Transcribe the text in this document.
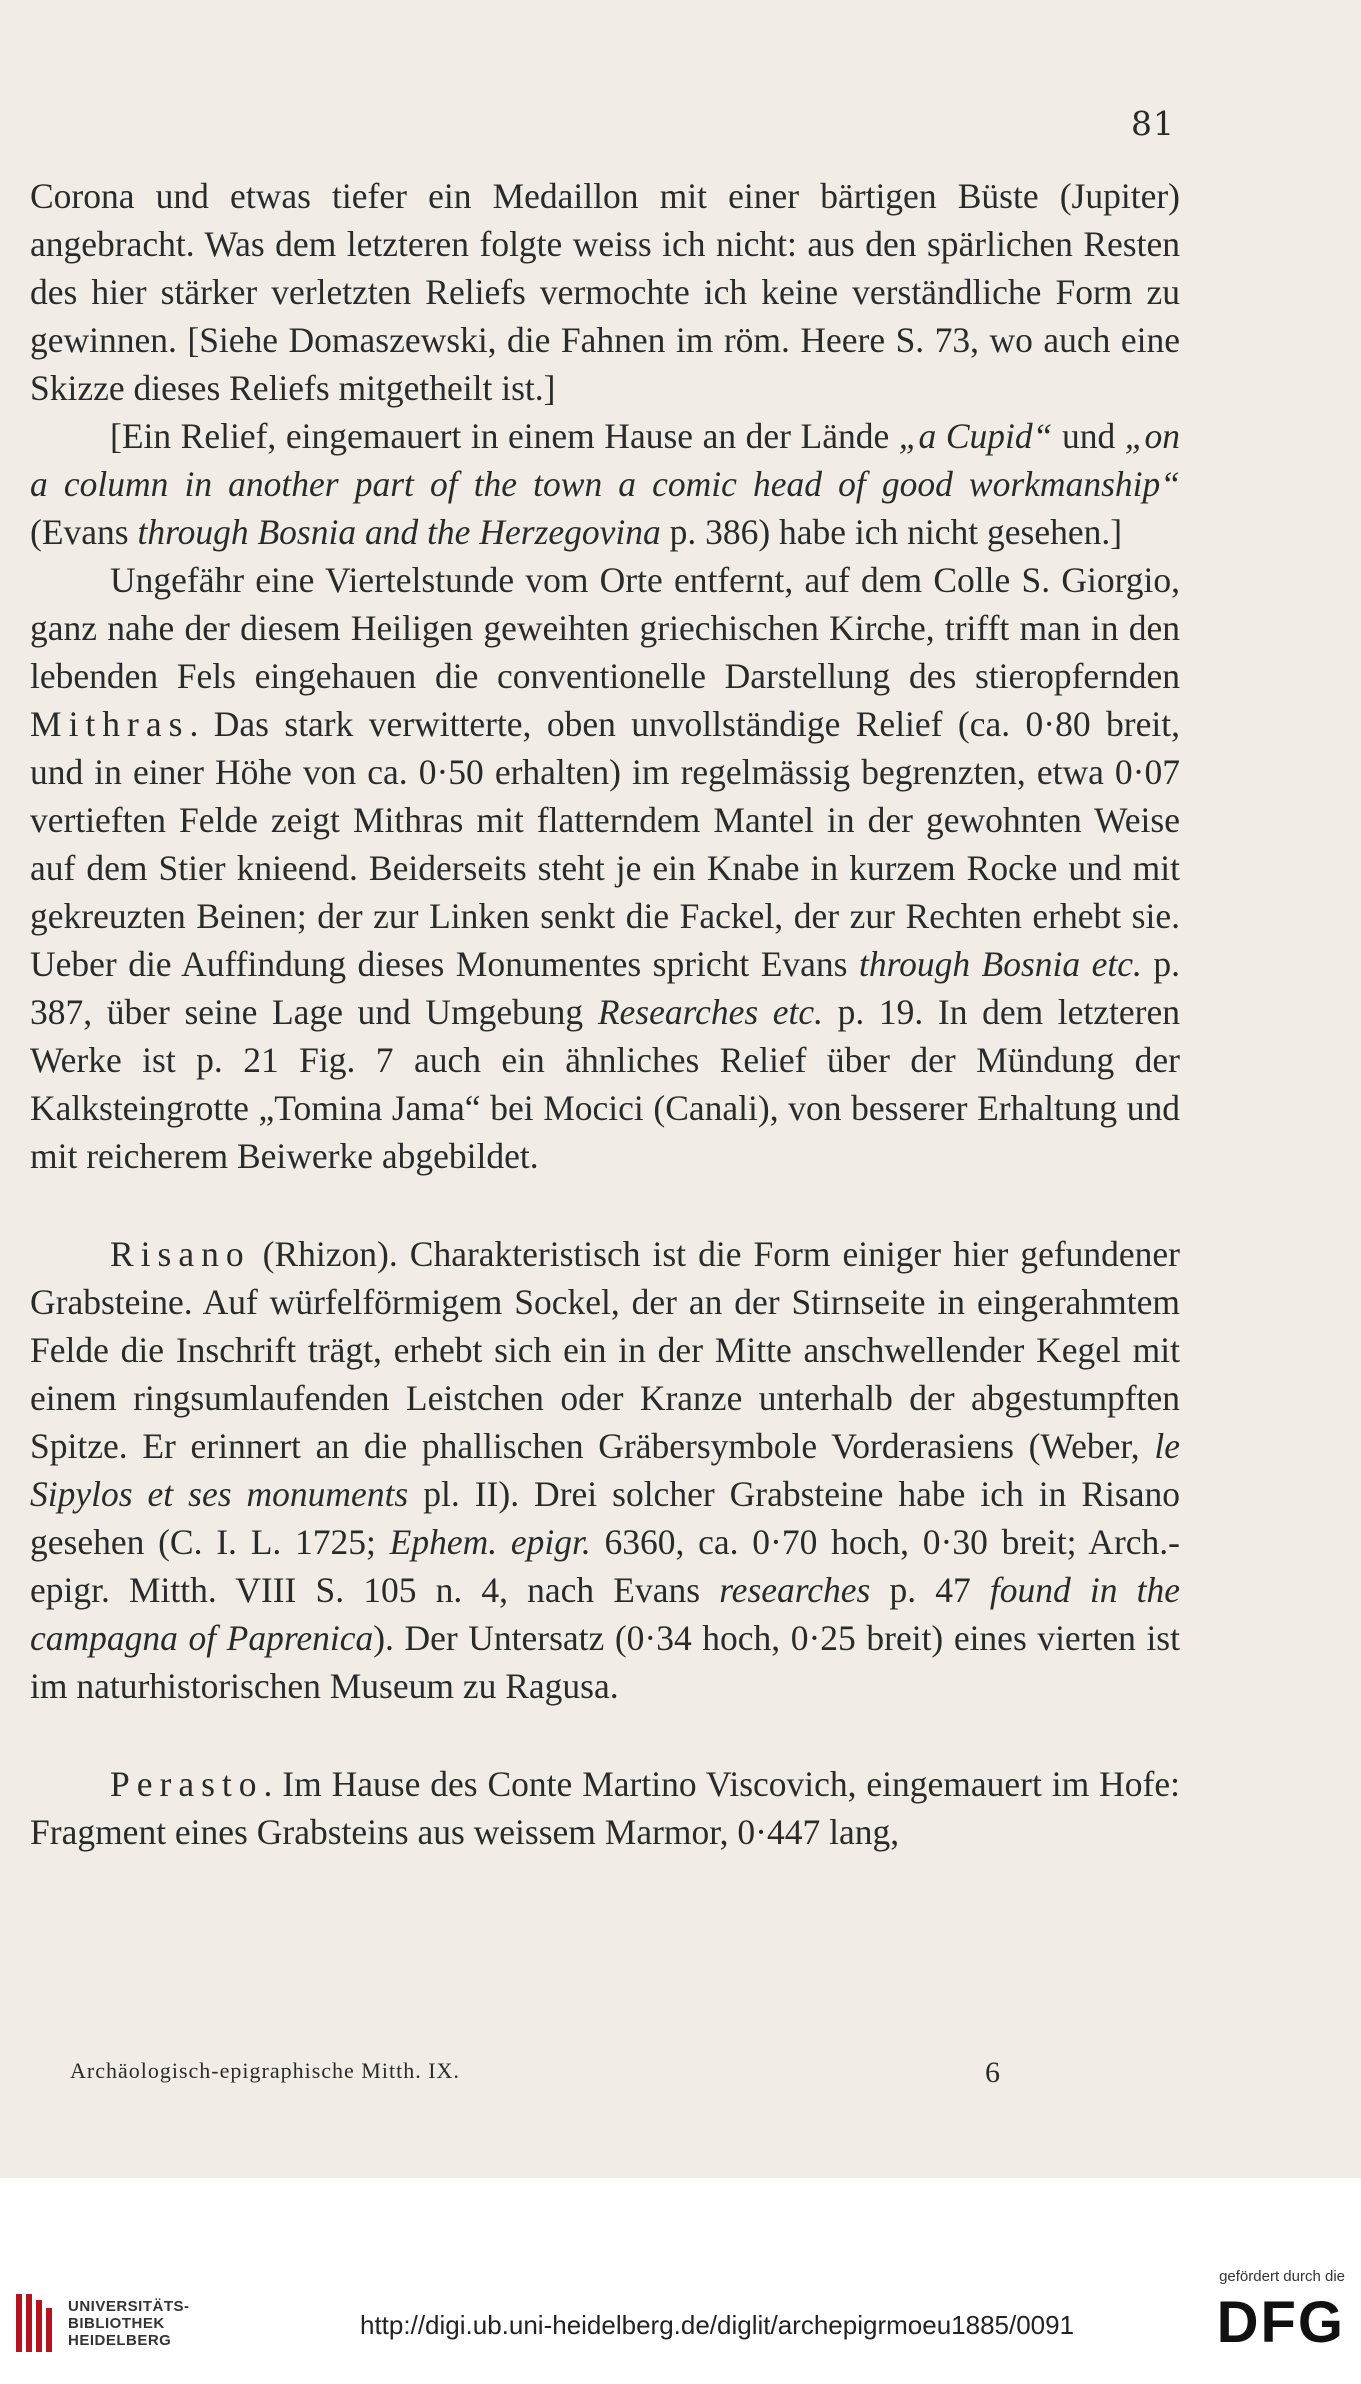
81

Corona und etwas tiefer ein Medaillon mit einer bärtigen Büste (Jupiter) angebracht. Was dem letzteren folgte weiss ich nicht: aus den spärlichen Resten des hier stärker verletzten Reliefs vermochte ich keine verständliche Form zu gewinnen. [Siehe Domaszewski, die Fahnen im röm. Heere S. 73, wo auch eine Skizze dieses Reliefs mitgetheilt ist.]

[Ein Relief, eingemauert in einem Hause an der Lände „a Cupid“ und „on a column in another part of the town a comic head of good workmanship“ (Evans through Bosnia and the Herzegovina p. 386) habe ich nicht gesehen.]

Ungefähr eine Viertelstunde vom Orte entfernt, auf dem Colle S. Giorgio, ganz nahe der diesem Heiligen geweihten griechischen Kirche, trifft man in den lebenden Fels eingehauen die conventionelle Darstellung des stieropfernden Mithras. Das stark verwitterte, oben unvollständige Relief (ca. 0·80 breit, und in einer Höhe von ca. 0·50 erhalten) im regelmässig begrenzten, etwa 0·07 vertieften Felde zeigt Mithras mit flatterndem Mantel in der gewohnten Weise auf dem Stier knieend. Beiderseits steht je ein Knabe in kurzem Rocke und mit gekreuzten Beinen; der zur Linken senkt die Fackel, der zur Rechten erhebt sie. Ueber die Auffindung dieses Monumentes spricht Evans through Bosnia etc. p. 387, über seine Lage und Umgebung Researches etc. p. 19. In dem letzteren Werke ist p. 21 Fig. 7 auch ein ähnliches Relief über der Mündung der Kalksteingrotte „Tomina Jama“ bei Mocici (Canali), von besserer Erhaltung und mit reicherem Beiwerke abgebildet.

Risano (Rhizon). Charakteristisch ist die Form einiger hier gefundener Grabsteine. Auf würfelförmigem Sockel, der an der Stirnseite in eingerahmtem Felde die Inschrift trägt, erhebt sich ein in der Mitte anschwellender Kegel mit einem ringsumlaufenden Leistchen oder Kranze unterhalb der abgestumpften Spitze. Er erinnert an die phallischen Gräbersymbole Vorderasiens (Weber, le Sipylos et ses monuments pl. II). Drei solcher Grabsteine habe ich in Risano gesehen (C. I. L. 1725; Ephem. epigr. 6360, ca. 0·70 hoch, 0·30 breit; Arch.-epigr. Mitth. VIII S. 105 n. 4, nach Evans researches p. 47 found in the campagna of Paprenica). Der Untersatz (0·34 hoch, 0·25 breit) eines vierten ist im naturhistorischen Museum zu Ragusa.

Perasto. Im Hause des Conte Martino Viscovich, eingemauert im Hofe: Fragment eines Grabsteins aus weissem Marmor, 0·447 lang,

Archäologisch-epigraphische Mitth. IX.	6
UNIVERSITÄTS-
BIBLIOTHEK
HEIDELBERG	http://digi.ub.uni-heidelberg.de/diglit/archepigrmoeu1885/0091
gefördert durch die
DFG
